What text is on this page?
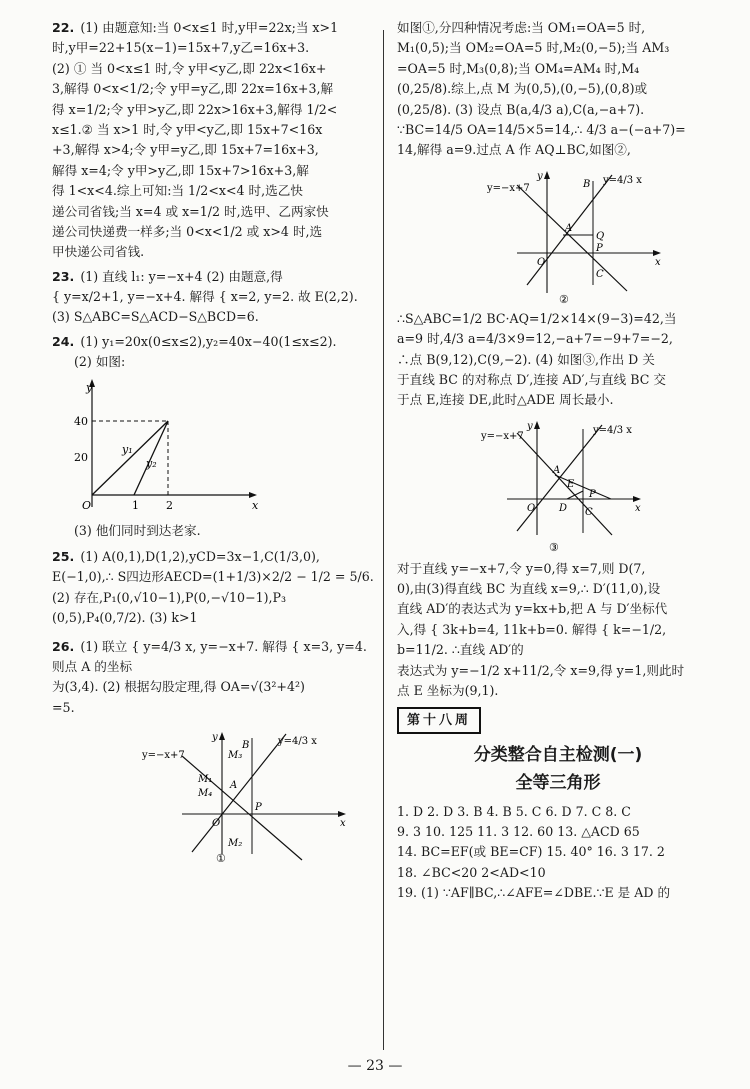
22. (1) 由题意知:当 0<x≤1 时,y甲=22x;当 x>1

时,y甲=22+15(x−1)=15x+7,y乙=16x+3.

(2) ① 当 0<x≤1 时,令 y甲<y乙,即 22x<16x+

3,解得 0<x<1/2;令 y甲=y乙,即 22x=16x+3,解

得 x=1/2;令 y甲>y乙,即 22x>16x+3,解得 1/2<

x≤1.② 当 x>1 时,令 y甲<y乙,即 15x+7<16x

+3,解得 x>4;令 y甲=y乙,即 15x+7=16x+3,

解得 x=4;令 y甲>y乙,即 15x+7>16x+3,解

得 1<x<4.综上可知:当 1/2<x<4 时,选乙快

递公司省钱;当 x=4 或 x=1/2 时,选甲、乙两家快

递公司快递费一样多;当 0<x<1/2 或 x>4 时,选

甲快递公司省钱.

23. (1) 直线 l₁: y=−x+4 (2) 由题意,得

{ y=x/2+1, y=−x+4. 解得 { x=2, y=2. 故 E(2,2).

(3) S△ABC=S△ACD−S△BCD=6.

24. (1) y₁=20x(0≤x≤2),y₂=40x−40(1≤x≤2).

(2) 如图:

y
x
O
40
20
1 2
y₁
y₂

(3) 他们同时到达老家.

25. (1) A(0,1),D(1,2),yCD=3x−1,C(1/3,0),

E(−1,0),∴ S四边形AECD=(1+1/3)×2/2 − 1/2 = 5/6.

(2) 存在,P₁(0,√10−1),P(0,−√10−1),P₃

(0,5),P₄(0,7/2). (3) k>1

26. (1) 联立 { y=4/3 x, y=−x+7. 解得 { x=3, y=4. 则点 A 的坐标

为(3,4). (2) 根据勾股定理,得 OA=√(3²+4²)

=5.

y=−x+7
y=4/3 x
M₃
M₁
M₄
A
B
O
M₂
P
x
y
①

如图①,分四种情况考虑:当 OM₁=OA=5 时,

M₁(0,5);当 OM₂=OA=5 时,M₂(0,−5);当 AM₃

=OA=5 时,M₃(0,8);当 OM₄=AM₄ 时,M₄

(0,25/8).综上,点 M 为(0,5),(0,−5),(0,8)或

(0,25/8). (3) 设点 B(a,4/3 a),C(a,−a+7).

∵BC=14/5 OA=14/5×5=14,∴ 4/3 a−(−a+7)=

14,解得 a=9.过点 A 作 AQ⊥BC,如图②,

y=−x+7
y=4/3 x
B
A
Q
P
O
C
x
y
②

∴S△ABC=1/2 BC·AQ=1/2×14×(9−3)=42,当

a=9 时,4/3 a=4/3×9=12,−a+7=−9+7=−2,

∴点 B(9,12),C(9,−2). (4) 如图③,作出 D 关

于直线 BC 的对称点 D′,连接 AD′,与直线 BC 交

于点 E,连接 DE,此时△ADE 周长最小.

y=−x+7
y=4/3 x
A
E
O D C
P
x
y
③

对于直线 y=−x+7,令 y=0,得 x=7,则 D(7,

0),由(3)得直线 BC 为直线 x=9,∴ D′(11,0),设

直线 AD′的表达式为 y=kx+b,把 A 与 D′坐标代

入,得 { 3k+b=4, 11k+b=0. 解得 { k=−1/2, b=11/2. ∴直线 AD′的

表达式为 y=−1/2 x+11/2,令 x=9,得 y=1,则此时

点 E 坐标为(9,1).

第十八周
分类整合自主检测(一)
全等三角形

1. D 2. D 3. B 4. B 5. C 6. D 7. C 8. C

9. 3 10. 125 11. 3 12. 60 13. △ACD 65

14. BC=EF(或 BE=CF) 15. 40° 16. 3 17. 2

18. ∠BC<20 2<AD<10

19. (1) ∵AF∥BC,∴∠AFE=∠DBE.∵E 是 AD 的

— 23 —
